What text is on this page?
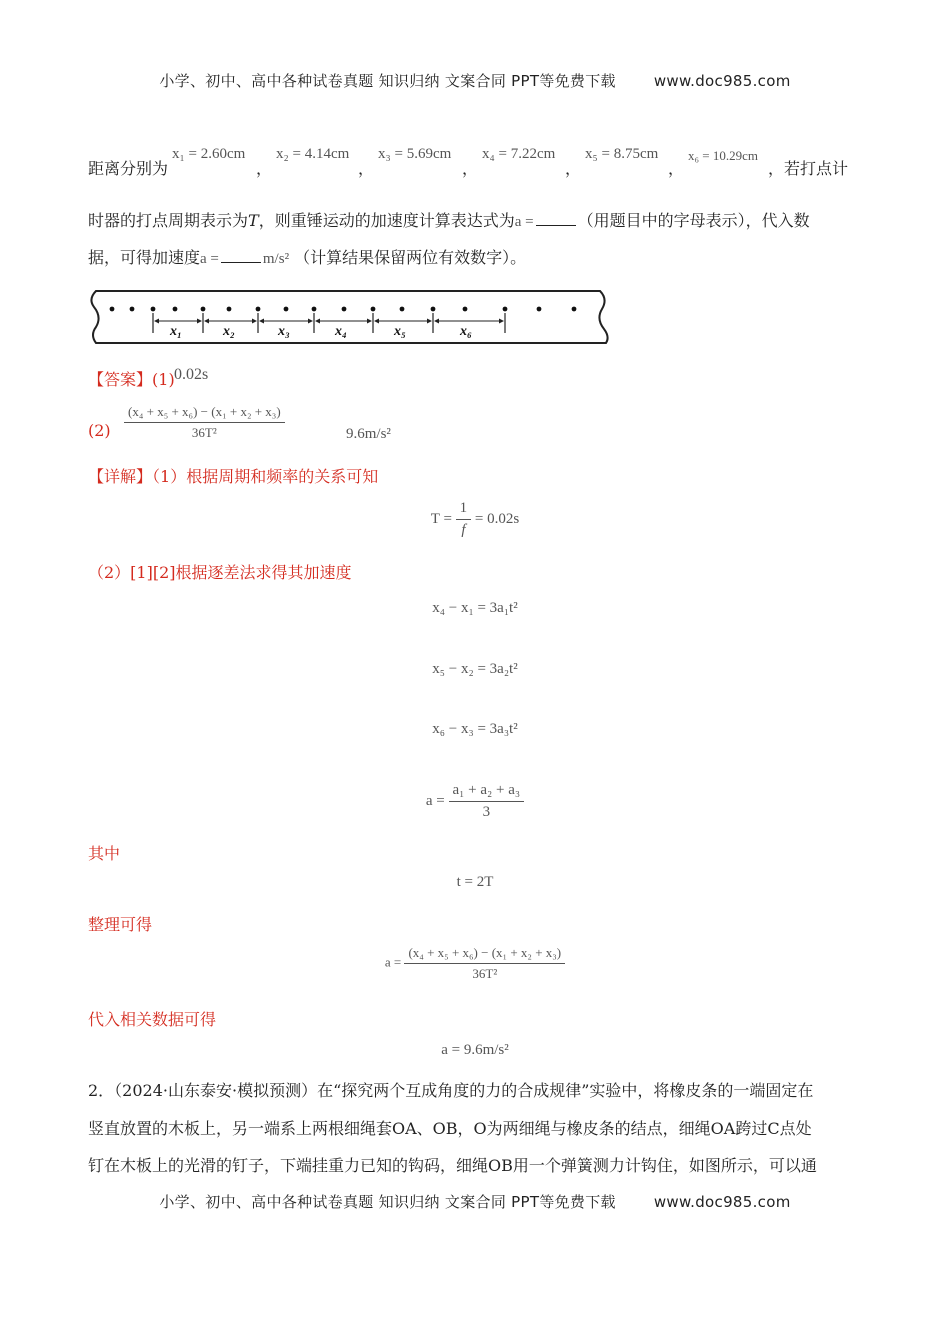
小学、初中、高中各种试卷真题 知识归纳 文案合同 PPT等免费下载	www.doc985.com
距离分别为
x₁ = 2.60cm
，
x₂ = 4.14cm
，
x₃ = 5.69cm
，
x₄ = 7.22cm
，
x₅ = 8.75cm
，
x₆ = 10.29cm
，若打点计
时器的打点周期表示为T，则重锤运动的加速度计算表达式为a =	（用题目中的字母表示），代入数
据，可得加速度a =	m/s² （计算结果保留两位有效数字）。
x₁	x₂	x₃	x₄	x₅	x₆
【答案】(1) 0.02s
$(2) \frac{\text{(x₄ + x₅ + x₆) − (x₁ + x₂ + x₃)}}{\text{36T²}}$	9.6m/s²
【详解】（1）根据周期和频率的关系可知
$T = \frac{1}{f} = 0.02s$
（2）[1][2]根据逐差法求得其加速度
x₄ − x₁ = 3a₁t²
x₅ − x₂ = 3a₂t²
x₆ − x₃ = 3a₃t²
$a = \frac{\text{a₁ + a₂ + a₃}}{3}$
其中
t = 2T
整理可得
$a = \frac{\text{(x₄ + x₅ + x₆) − (x₁ + x₂ + x₃)}}{\text{36T²}}$
代入相关数据可得
a = 9.6m/s²
2．（2024·山东泰安·模拟预测）在“探究两个互成角度的力的合成规律”实验中，将橡皮条的一端固定在
竖直放置的木板上，另一端系上两根细绳套OA、OB，O为两细绳与橡皮条的结点，细绳OA跨过C点处
钉在木板上的光滑的钉子，下端挂重力已知的钩码，细绳OB用一个弹簧测力计钩住，如图所示，可以通
小学、初中、高中各种试卷真题 知识归纳 文案合同 PPT等免费下载	www.doc985.com
